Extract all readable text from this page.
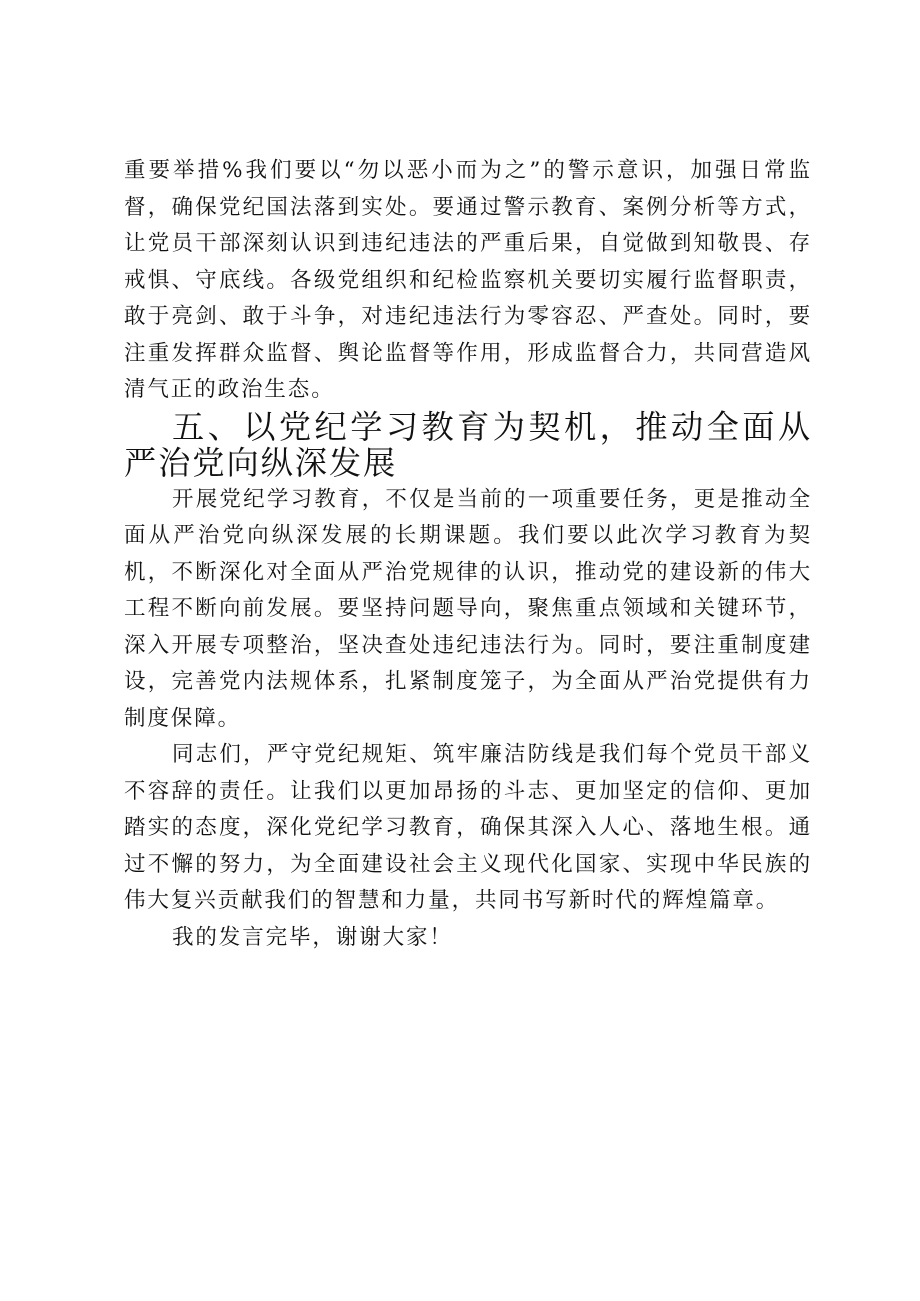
重要举措%我们要以“勿以恶小而为之”的警示意识，加强日常监督，确保党纪国法落到实处。要通过警示教育、案例分析等方式，让党员干部深刻认识到违纪违法的严重后果，自觉做到知敬畏、存戒惧、守底线。各级党组织和纪检监察机关要切实履行监督职责，敢于亮剑、敢于斗争，对违纪违法行为零容忍、严查处。同时，要注重发挥群众监督、舆论监督等作用，形成监督合力，共同营造风清气正的政治生态。

五、以党纪学习教育为契机，推动全面从严治党向纵深发展

开展党纪学习教育，不仅是当前的一项重要任务，更是推动全面从严治党向纵深发展的长期课题。我们要以此次学习教育为契机，不断深化对全面从严治党规律的认识，推动党的建设新的伟大工程不断向前发展。要坚持问题导向，聚焦重点领域和关键环节，深入开展专项整治，坚决查处违纪违法行为。同时，要注重制度建设，完善党内法规体系，扎紧制度笼子，为全面从严治党提供有力制度保障。

同志们，严守党纪规矩、筑牢廉洁防线是我们每个党员干部义不容辞的责任。让我们以更加昂扬的斗志、更加坚定的信仰、更加踏实的态度，深化党纪学习教育，确保其深入人心、落地生根。通过不懈的努力，为全面建设社会主义现代化国家、实现中华民族的伟大复兴贡献我们的智慧和力量，共同书写新时代的辉煌篇章。

我的发言完毕，谢谢大家！
